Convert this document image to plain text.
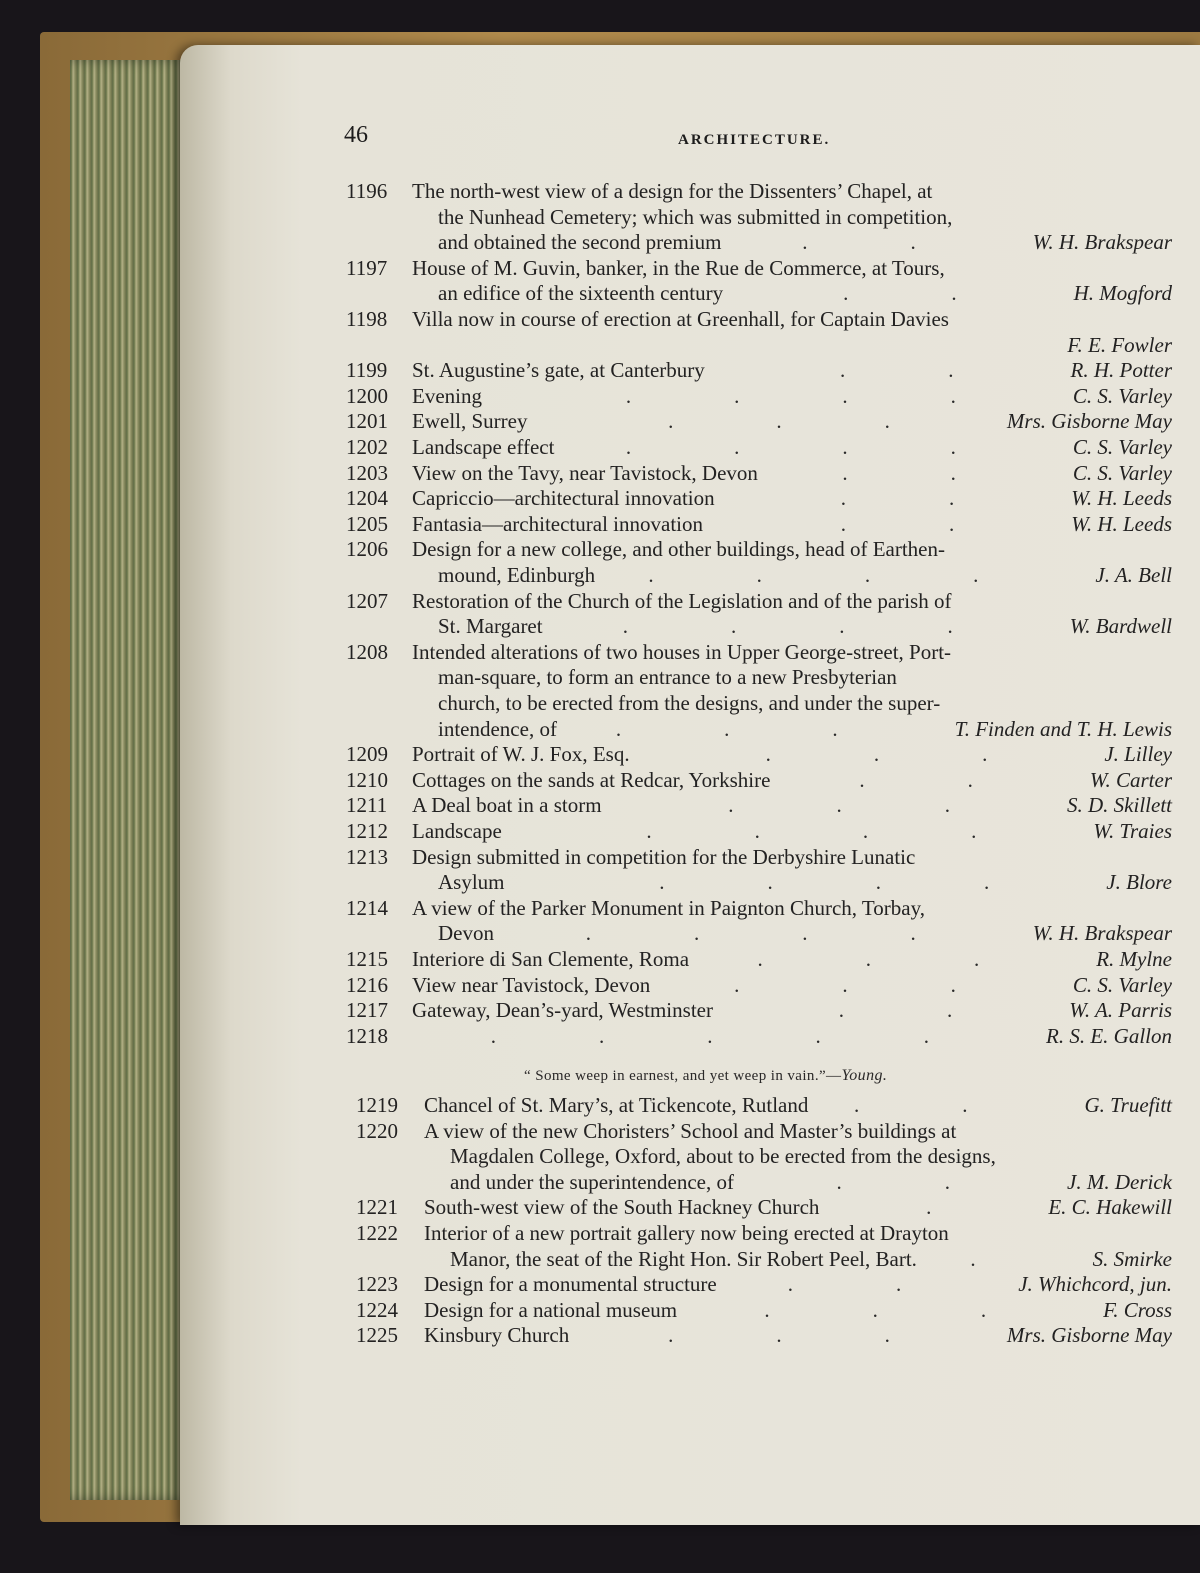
46	ARCHITECTURE.
1196 The north-west view of a design for the Dissenters’ Chapel, at
the Nunhead Cemetery; which was submitted in competition,
and obtained the second premium	W. H. Brakspear
.   .   
1197 House of M. Guvin, banker, in the Rue de Commerce, at Tours,
an edifice of the sixteenth century	H. Mogford
.   .   
1198 Villa now in course of erection at Greenhall, for Captain Davies
F. E. Fowler
1199 St. Augustine’s gate, at Canterbury	R. H. Potter
.   .   
1200 Evening	C. S. Varley
.   .   .   .   
1201 Ewell, Surrey	Mrs. Gisborne May
.   .   .   
1202 Landscape effect	C. S. Varley
.   .   .   .   
1203 View on the Tavy, near Tavistock, Devon	C. S. Varley
.   .   
1204 Capriccio—architectural innovation	W. H. Leeds
.   .   
1205 Fantasia—architectural innovation	W. H. Leeds
.   .   
1206 Design for a new college, and other buildings, head of Earthen-
mound, Edinburgh	J. A. Bell
.   .   .   .   
1207 Restoration of the Church of the Legislation and of the parish of
St. Margaret	W. Bardwell
.   .   .   .   
1208 Intended alterations of two houses in Upper George-street, Port-
man-square, to form an entrance to a new Presbyterian
church, to be erected from the designs, and under the super-
intendence, of	T. Finden and T. H. Lewis
.   .   .   
1209 Portrait of W. J. Fox, Esq.	J. Lilley
.   .   .   
1210 Cottages on the sands at Redcar, Yorkshire	W. Carter
.   .   
1211 A Deal boat in a storm	S. D. Skillett
.   .   .   
1212 Landscape	W. Traies
.   .   .   .   
1213 Design submitted in competition for the Derbyshire Lunatic
Asylum	J. Blore
.   .   .   .   
1214 A view of the Parker Monument in Paignton Church, Torbay,
Devon	W. H. Brakspear
.   .   .   .   
1215 Interiore di San Clemente, Roma	R. Mylne
.   .   .   
1216 View near Tavistock, Devon	C. S. Varley
.   .   .   
1217 Gateway, Dean’s-yard, Westminster	W. A. Parris
.   .   
1218	R. S. E. Gallon
.   .   .   .   .   
1219 Chancel of St. Mary’s, at Tickencote, Rutland	G. Truefitt
.   .   
1220 A view of the new Choristers’ School and Master’s buildings at
Magdalen College, Oxford, about to be erected from the designs,
and under the superintendence, of	J. M. Derick
.   .   
1221 South-west view of the South Hackney Church	E. C. Hakewill
.   
1222 Interior of a new portrait gallery now being erected at Drayton
Manor, the seat of the Right Hon. Sir Robert Peel, Bart.	S. Smirke
.   
1223 Design for a monumental structure	J. Whichcord, jun.
.   .   
1224 Design for a national museum	F. Cross
.   .   .   
1225 Kinsbury Church	Mrs. Gisborne May
.   .   .   
“ Some weep in earnest, and yet weep in vain.”—Young.
